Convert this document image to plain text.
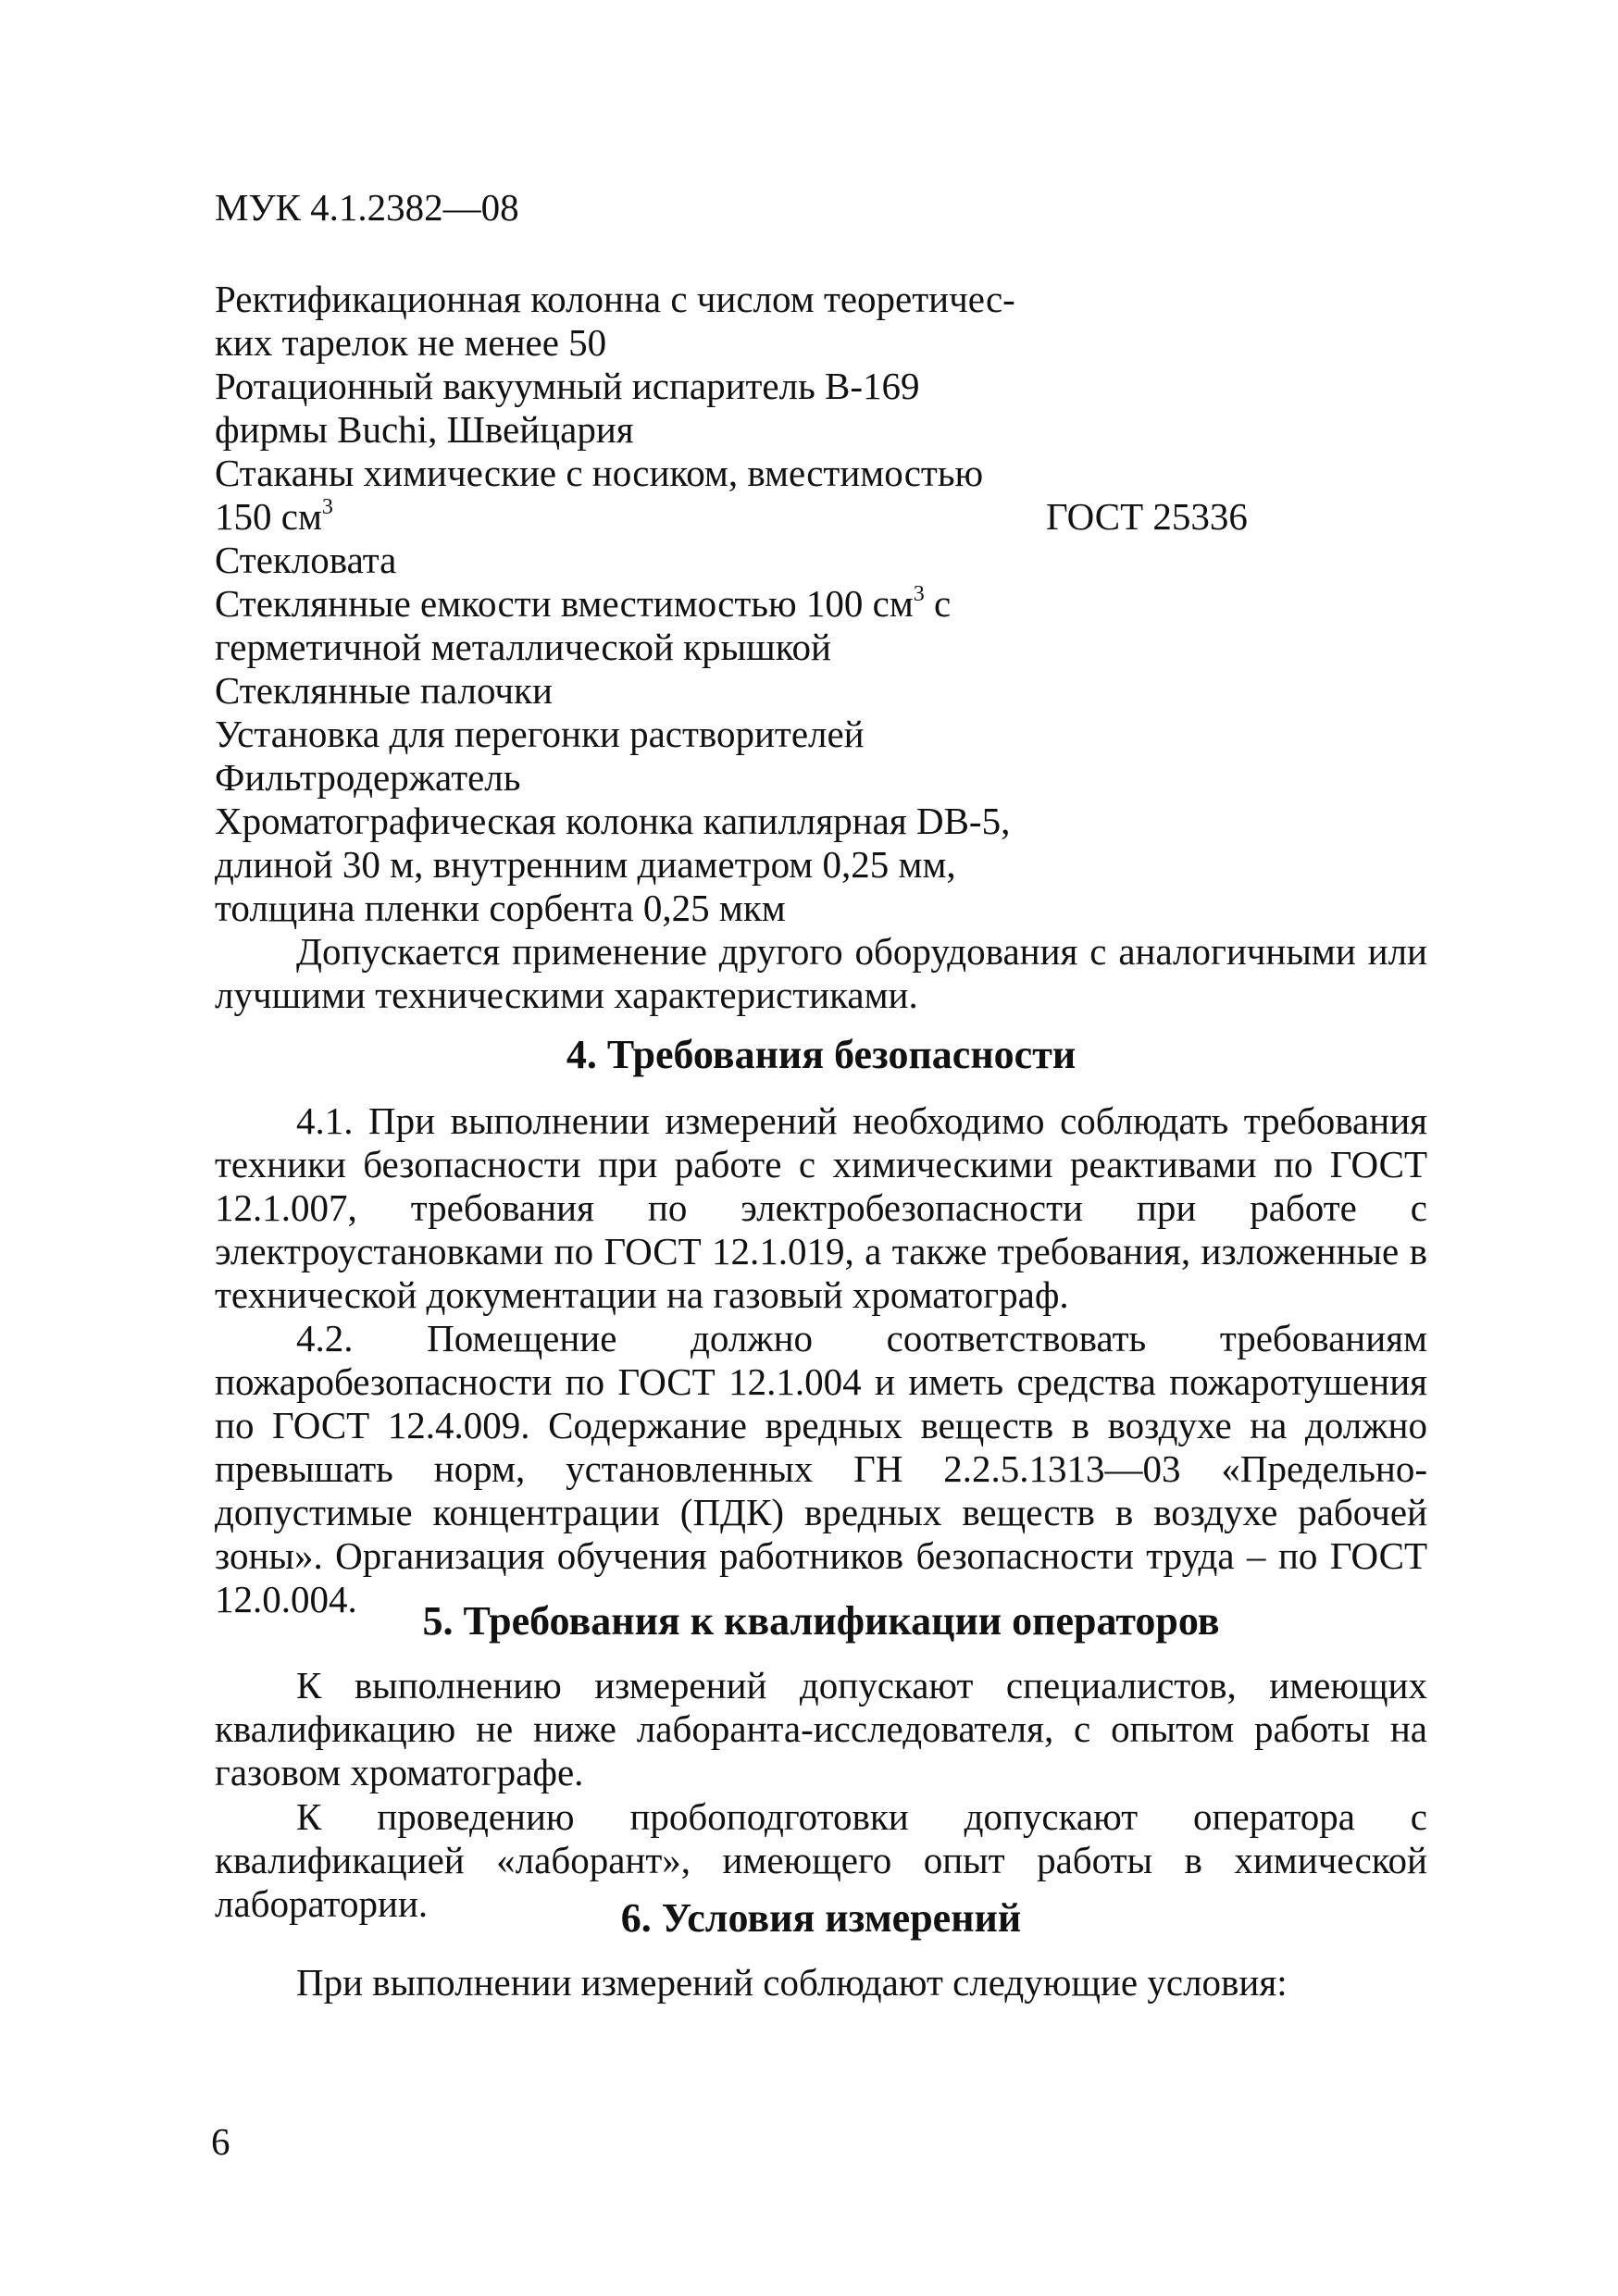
МУК 4.1.2382—08
Ректификационная колонна с числом теоретичес-
ких тарелок не менее 50
Ротационный вакуумный испаритель В-169
фирмы Buchi, Швейцария
Стаканы химические с носиком, вместимостью
150 $см^3$	ГОСТ 25336
Стекловата
Стеклянные емкости вместимостью 100 $см^3$ с
герметичной металлической крышкой
Стеклянные палочки
Установка для перегонки растворителей
Фильтродержатель
Хроматографическая колонка капиллярная DB-5,
длиной 30 м, внутренним диаметром 0,25 мм,
толщина пленки сорбента 0,25 мкм

Допускается применение другого оборудования с аналогичными или лучшими техническими характеристиками.

4. Требования безопасности

4.1. При выполнении измерений необходимо соблюдать требования техники безопасности при работе с химическими реактивами по ГОСТ 12.1.007, требования по электробезопасности при работе с электроустановками по ГОСТ 12.1.019, а также требования, изложенные в технической документации на газовый хроматограф.

4.2. Помещение должно соответствовать требованиям пожаробезопасности по ГОСТ 12.1.004 и иметь средства пожаротушения по ГОСТ 12.4.009. Содержание вредных веществ в воздухе на должно превышать норм, установленных ГН 2.2.5.1313—03 «Предельно-допустимые концентрации (ПДК) вредных веществ в воздухе рабочей зоны». Организация обучения работников безопасности труда – по ГОСТ 12.0.004.	5. Требования к квалификации операторов

К выполнению измерений допускают специалистов, имеющих квалификацию не ниже лаборанта-исследователя, с опытом работы на газовом хроматографе.

К проведению пробоподготовки допускают оператора с квалификацией «лаборант», имеющего опыт работы в химической лаборатории.	6. Условия измерений

При выполнении измерений соблюдают следующие условия:

6
